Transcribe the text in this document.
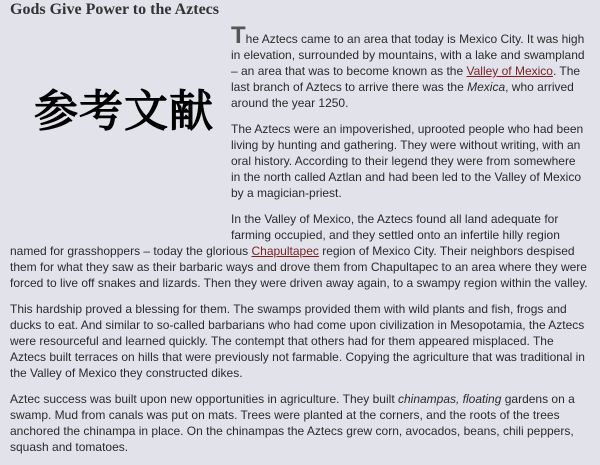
Gods Give Power to the Aztecs
参考文献

The Aztecs came to an area that today is Mexico City. It was high in elevation, surrounded by mountains, with a lake and swampland – an area that was to become known as the Valley of Mexico. The last branch of Aztecs to arrive there was the Mexica, who arrived around the year 1250.

The Aztecs were an impoverished, uprooted people who had been living by hunting and gathering. They were without writing, with an oral history. According to their legend they were from somewhere in the north called Aztlan and had been led to the Valley of Mexico by a magician-priest.

In the Valley of Mexico, the Aztecs found all land adequate for farming occupied, and they settled onto an infertile hilly region named for grasshoppers – today the glorious Chapultapec region of Mexico City. Their neighbors despised them for what they saw as their barbaric ways and drove them from Chapultapec to an area where they were forced to live off snakes and lizards. Then they were driven away again, to a swampy region within the valley.

This hardship proved a blessing for them. The swamps provided them with wild plants and fish, frogs and ducks to eat. And similar to so-called barbarians who had come upon civilization in Mesopotamia, the Aztecs were resourceful and learned quickly. The contempt that others had for them appeared misplaced. The Aztecs built terraces on hills that were previously not farmable. Copying the agriculture that was traditional in the Valley of Mexico they constructed dikes.

Aztec success was built upon new opportunities in agriculture. They built chinampas, floating gardens on a swamp. Mud from canals was put on mats. Trees were planted at the corners, and the roots of the trees anchored the chinampa in place. On the chinampas the Aztecs grew corn, avocados, beans, chili peppers, squash and tomatoes.
